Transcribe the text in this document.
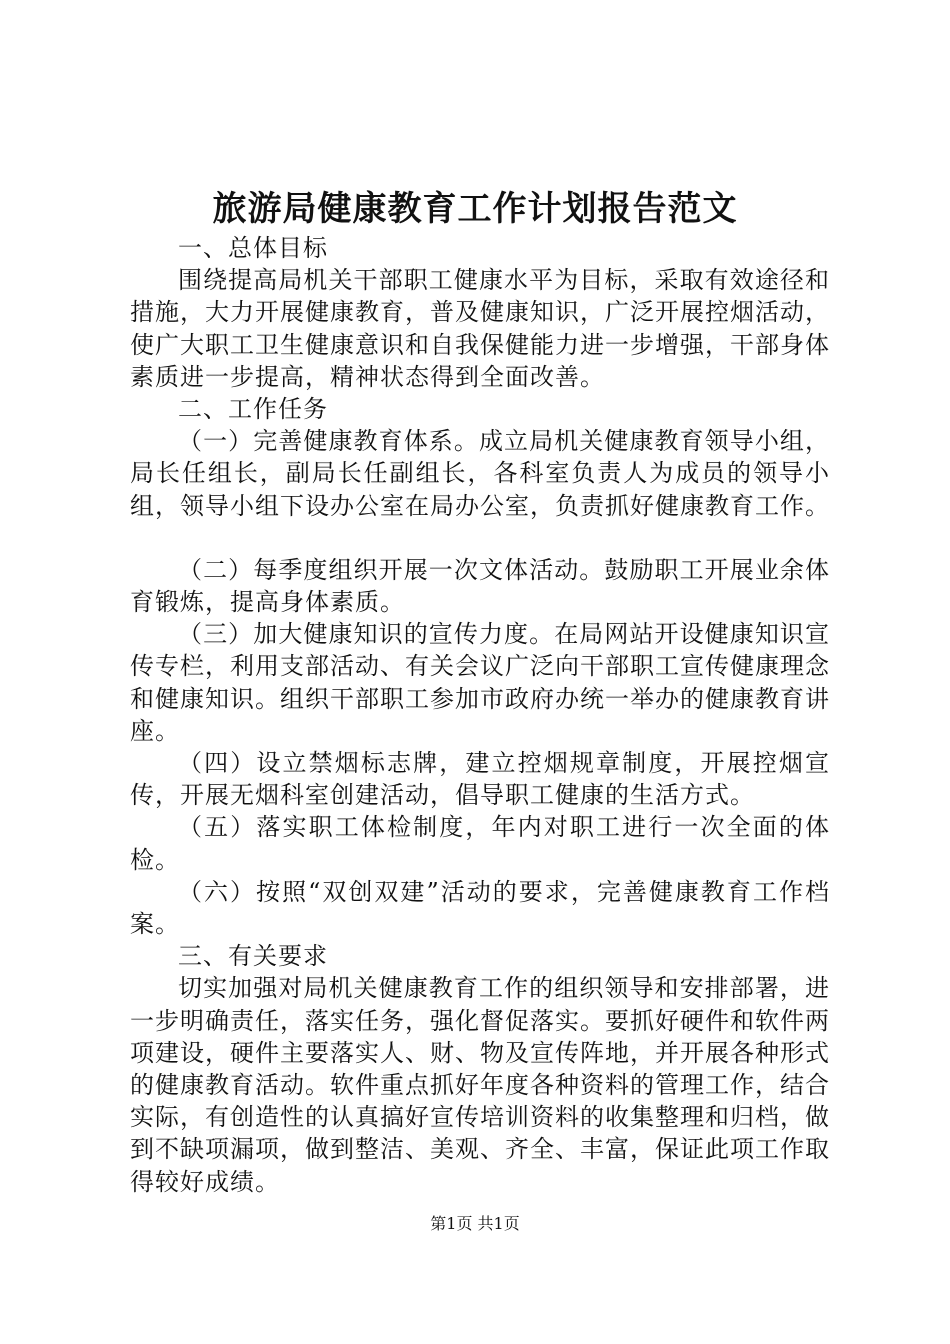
旅游局健康教育工作计划报告范文

一、总体目标

围绕提高局机关干部职工健康水平为目标，采取有效途径和措施，大力开展健康教育，普及健康知识，广泛开展控烟活动，使广大职工卫生健康意识和自我保健能力进一步增强，干部身体素质进一步提高，精神状态得到全面改善。

二、工作任务

（一）完善健康教育体系。成立局机关健康教育领导小组，局长任组长，副局长任副组长，各科室负责人为成员的领导小组，领导小组下设办公室在局办公室，负责抓好健康教育工作。

（二）每季度组织开展一次文体活动。鼓励职工开展业余体育锻炼，提高身体素质。

（三）加大健康知识的宣传力度。在局网站开设健康知识宣传专栏，利用支部活动、有关会议广泛向干部职工宣传健康理念和健康知识。组织干部职工参加市政府办统一举办的健康教育讲座。

（四）设立禁烟标志牌，建立控烟规章制度，开展控烟宣传，开展无烟科室创建活动，倡导职工健康的生活方式。

（五）落实职工体检制度，年内对职工进行一次全面的体检。

（六）按照“双创双建”活动的要求，完善健康教育工作档案。

三、有关要求

切实加强对局机关健康教育工作的组织领导和安排部署，进一步明确责任，落实任务，强化督促落实。要抓好硬件和软件两项建设，硬件主要落实人、财、物及宣传阵地，并开展各种形式的健康教育活动。软件重点抓好年度各种资料的管理工作，结合实际，有创造性的认真搞好宣传培训资料的收集整理和归档，做到不缺项漏项，做到整洁、美观、齐全、丰富，保证此项工作取得较好成绩。

第1页 共1页
